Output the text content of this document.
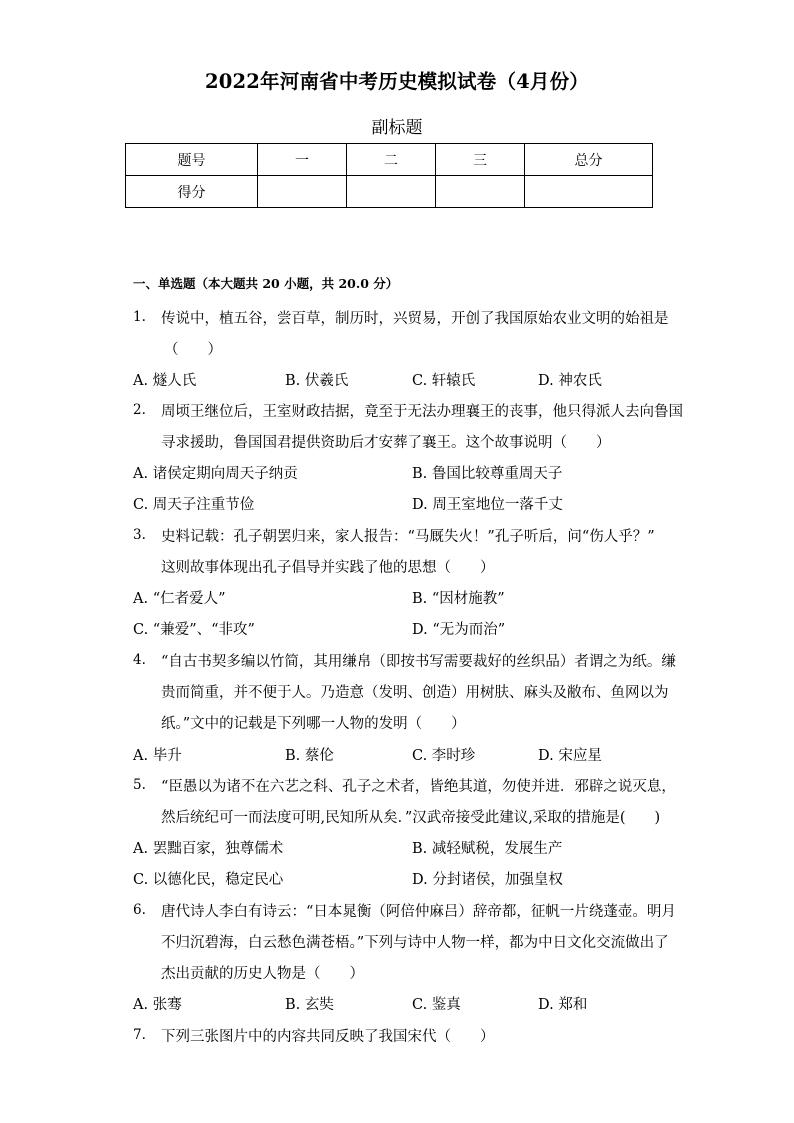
2022年河南省中考历史模拟试卷（4月份）
副标题
题号	一	二	三	总分
得分				
一、单选题（本大题共 20 小题，共 20.0 分）
1. 传说中，植五谷，尝百草，制历时，兴贸易，开创了我国原始农业文明的始祖是
（　　）
A. 燧人氏	B. 伏羲氏	C. 轩辕氏	D. 神农氏
2. 周顷王继位后，王室财政拮据，竟至于无法办理襄王的丧事，他只得派人去向鲁国
寻求援助，鲁国国君提供资助后才安葬了襄王。这个故事说明（　　）
A. 诸侯定期向周天子纳贡	B. 鲁国比较尊重周天子
C. 周天子注重节俭	D. 周王室地位一落千丈
3. 史料记载：孔子朝罢归来，家人报告：“马厩失火！”孔子听后，问“伤人乎？”
这则故事体现出孔子倡导并实践了他的思想（　　）
A. “仁者爱人”	B. “因材施教”
C. “兼爱”、“非攻”	D. “无为而治”
4. “自古书契多编以竹简，其用缣帛（即按书写需要裁好的丝织品）者谓之为纸。缣
贵而简重，并不便于人。乃造意（发明、创造）用树肤、麻头及敝布、鱼网以为
纸。”文中的记载是下列哪一人物的发明（　　）
A. 毕升	B. 蔡伦	C. 李时珍	D. 宋应星
5. “臣愚以为诸不在六艺之科、孔子之术者，皆绝其道，勿使并进．邪辟之说灭息，
然后统纪可一而法度可明,民知所从矣．”汉武帝接受此建议,采取的措施是(　　)
A. 罢黜百家，独尊儒术	B. 减轻赋税，发展生产
C. 以德化民，稳定民心	D. 分封诸侯，加强皇权
6. 唐代诗人李白有诗云：“日本晁衡（阿倍仲麻吕）辞帝都，征帆一片绕蓬壶。明月
不归沉碧海，白云愁色满苍梧。”下列与诗中人物一样，都为中日文化交流做出了
杰出贡献的历史人物是（　　）
A. 张骞	B. 玄奘	C. 鉴真	D. 郑和
7. 下列三张图片中的内容共同反映了我国宋代（　　）
